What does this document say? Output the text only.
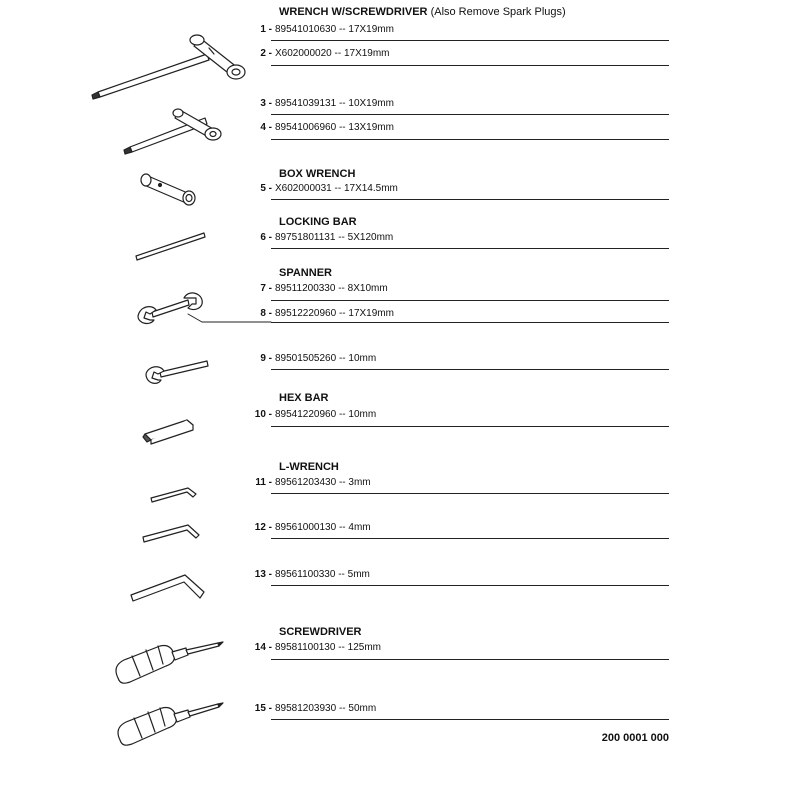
WRENCH W/SCREWDRIVER (Also Remove Spark Plugs)
BOX WRENCH
LOCKING BAR
SPANNER
HEX BAR
L-WRENCH
SCREWDRIVER
1 - 89541010630 -- 17X19mm
2 - X602000020 -- 17X19mm
3 - 89541039131 -- 10X19mm
4 - 89541006960 -- 13X19mm
5 - X602000031 -- 17X14.5mm
6 - 89751801131 -- 5X120mm
7 - 89511200330 -- 8X10mm
8 - 89512220960 -- 17X19mm
9 - 89501505260 -- 10mm
10 - 89541220960 -- 10mm
11 - 89561203430 -- 3mm
12 - 89561000130 -- 4mm
13 - 89561100330 -- 5mm
14 - 89581100130 -- 125mm
15 - 89581203930 -- 50mm
200 0001 000
